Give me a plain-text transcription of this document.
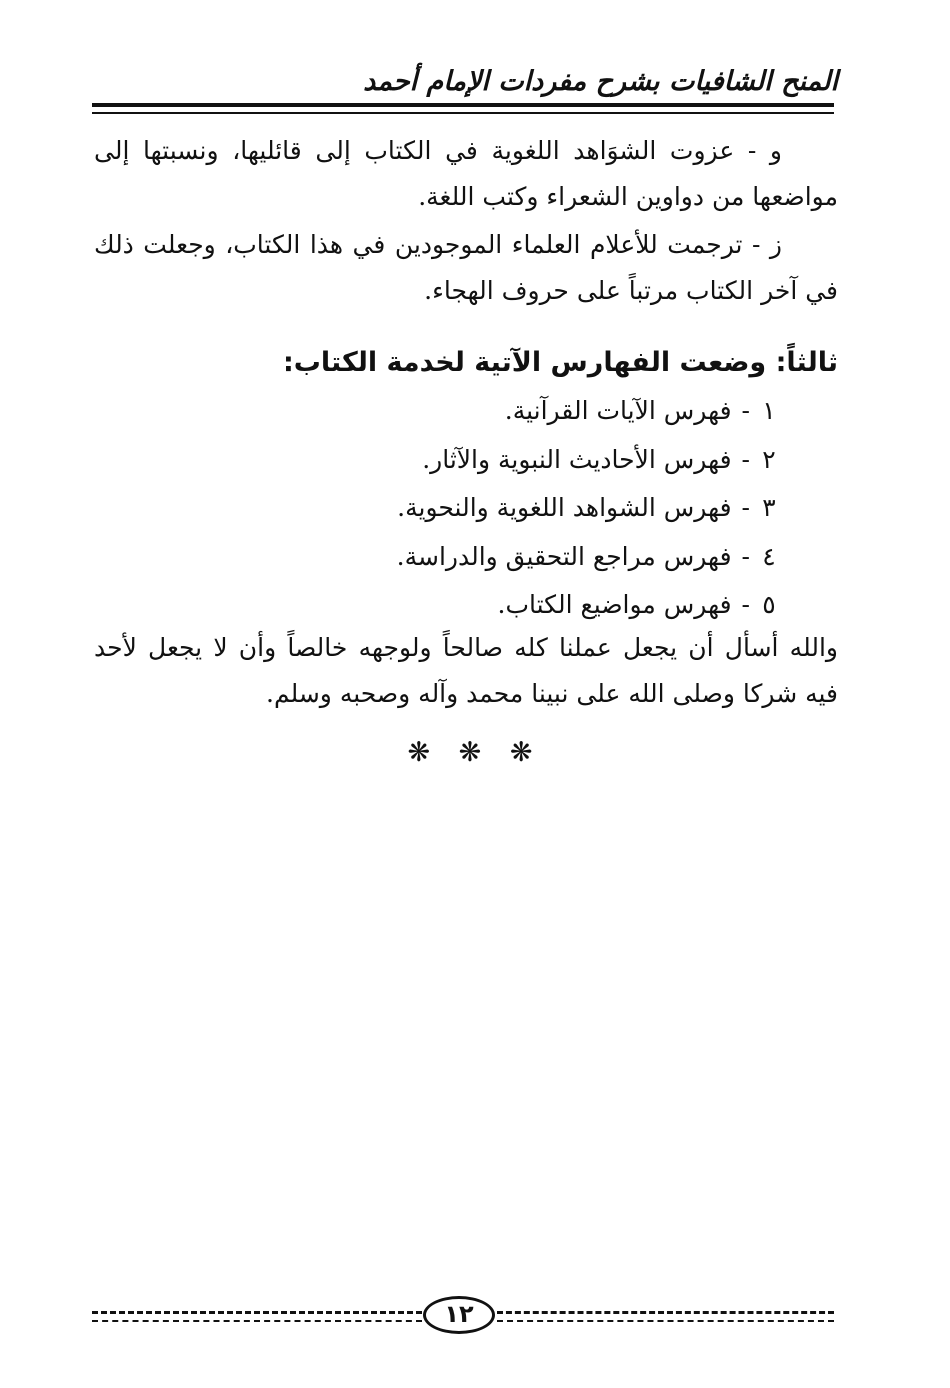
المنح الشافيات بشرح مفردات الإمام أحمد
و - عزوت الشوَاهد اللغوية في الكتاب إلى قائليها، ونسبتها إلى مواضعها من دواوين الشعراء وكتب اللغة.
ز - ترجمت للأعلام العلماء الموجودين في هذا الكتاب، وجعلت ذلك في آخر الكتاب مرتباً على حروف الهجاء.
ثالثاً: وضعت الفهارس الآتية لخدمة الكتاب:
١-فهرس الآيات القرآنية.
٢-فهرس الأحاديث النبوية والآثار.
٣-فهرس الشواهد اللغوية والنحوية.
٤-فهرس مراجع التحقيق والدراسة.
٥-فهرس مواضيع الكتاب.
والله أسأل أن يجعل عملنا كله صالحاً ولوجهه خالصاً وأن لا يجعل لأحد فيه شركا وصلى الله على نبينا محمد وآله وصحبه وسلم.
❋ ❋ ❋
١٢
